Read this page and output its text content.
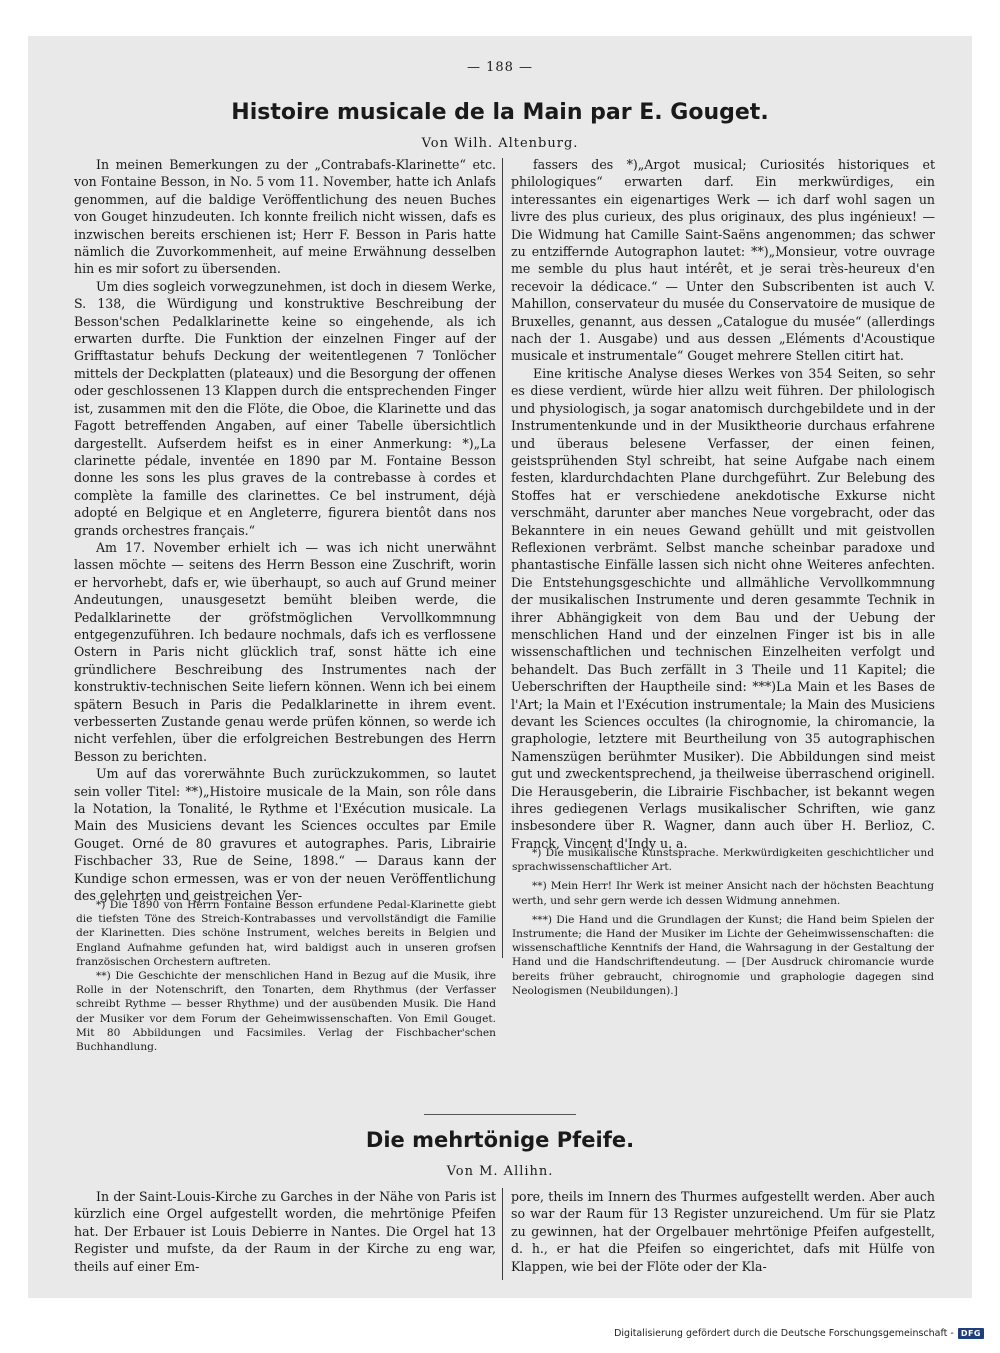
— 188 —
Histoire musicale de la Main par E. Gouget.
Von Wilh. Altenburg.

In meinen Bemerkungen zu der „Contrabafs-Klarinette“ etc. von Fontaine Besson, in No. 5 vom 11. November, hatte ich Anlafs genommen, auf die baldige Veröffentlichung des neuen Buches von Gouget hinzudeuten. Ich konnte freilich nicht wissen, dafs es inzwischen bereits erschienen ist; Herr F. Besson in Paris hatte nämlich die Zuvorkommenheit, auf meine Erwähnung desselben hin es mir sofort zu übersenden.

Um dies sogleich vorwegzunehmen, ist doch in diesem Werke, S. 138, die Würdigung und konstruktive Beschreibung der Besson'schen Pedalklarinette keine so eingehende, als ich erwarten durfte. Die Funktion der einzelnen Finger auf der Grifftastatur behufs Deckung der weitentlegenen 7 Tonlöcher mittels der Deckplatten (plateaux) und die Besorgung der offenen oder geschlossenen 13 Klappen durch die entsprechenden Finger ist, zusammen mit den die Flöte, die Oboe, die Klarinette und das Fagott betreffenden Angaben, auf einer Tabelle übersichtlich dargestellt. Aufserdem heifst es in einer Anmerkung: *)„La clarinette pédale, inventée en 1890 par M. Fontaine Besson donne les sons les plus graves de la contrebasse à cordes et complète la famille des clarinettes. Ce bel instrument, déjà adopté en Belgique et en Angleterre, figurera bientôt dans nos grands orchestres français.“

Am 17. November erhielt ich — was ich nicht unerwähnt lassen möchte — seitens des Herrn Besson eine Zuschrift, worin er hervorhebt, dafs er, wie überhaupt, so auch auf Grund meiner Andeutungen, unausgesetzt bemüht bleiben werde, die Pedalklarinette der gröfstmöglichen Vervollkommnung entgegenzuführen. Ich bedaure nochmals, dafs ich es verflossene Ostern in Paris nicht glücklich traf, sonst hätte ich eine gründlichere Beschreibung des Instrumentes nach der konstruktiv-technischen Seite liefern können. Wenn ich bei einem spätern Besuch in Paris die Pedalklarinette in ihrem event. verbesserten Zustande genau werde prüfen können, so werde ich nicht verfehlen, über die erfolgreichen Bestrebungen des Herrn Besson zu berichten.

Um auf das vorerwähnte Buch zurückzukommen, so lautet sein voller Titel: **)„Histoire musicale de la Main, son rôle dans la Notation, la Tonalité, le Rythme et l'Exécution musicale. La Main des Musiciens devant les Sciences occultes par Emile Gouget. Orné de 80 gravures et autographes. Paris, Librairie Fischbacher 33, Rue de Seine, 1898.“ — Daraus kann der Kundige schon ermessen, was er von der neuen Veröffentlichung des gelehrten und geistreichen Ver-

fassers des *)„Argot musical; Curiosités historiques et philologiques“ erwarten darf. Ein merkwürdiges, ein interessantes ein eigenartiges Werk — ich darf wohl sagen un livre des plus curieux, des plus originaux, des plus ingénieux! — Die Widmung hat Camille Saint-Saëns angenommen; das schwer zu entziffernde Autographon lautet: **)„Monsieur, votre ouvrage me semble du plus haut intérêt, et je serai très-heureux d'en recevoir la dédicace.“ — Unter den Subscribenten ist auch V. Mahillon, conservateur du musée du Conservatoire de musique de Bruxelles, genannt, aus dessen „Catalogue du musée“ (allerdings nach der 1. Ausgabe) und aus dessen „Eléments d'Acoustique musicale et instrumentale“ Gouget mehrere Stellen citirt hat.

Eine kritische Analyse dieses Werkes von 354 Seiten, so sehr es diese verdient, würde hier allzu weit führen. Der philologisch und physiologisch, ja sogar anatomisch durchgebildete und in der Instrumentenkunde und in der Musiktheorie durchaus erfahrene und überaus belesene Verfasser, der einen feinen, geistsprühenden Styl schreibt, hat seine Aufgabe nach einem festen, klardurchdachten Plane durchgeführt. Zur Belebung des Stoffes hat er verschiedene anekdotische Exkurse nicht verschmäht, darunter aber manches Neue vorgebracht, oder das Bekanntere in ein neues Gewand gehüllt und mit geistvollen Reflexionen verbrämt. Selbst manche scheinbar paradoxe und phantastische Einfälle lassen sich nicht ohne Weiteres anfechten. Die Entstehungsgeschichte und allmähliche Vervollkommnung der musikalischen Instrumente und deren gesammte Technik in ihrer Abhängigkeit von dem Bau und der Uebung der menschlichen Hand und der einzelnen Finger ist bis in alle wissenschaftlichen und technischen Einzelheiten verfolgt und behandelt. Das Buch zerfällt in 3 Theile und 11 Kapitel; die Ueberschriften der Hauptheile sind: ***)La Main et les Bases de l'Art; la Main et l'Exécution instrumentale; la Main des Musiciens devant les Sciences occultes (la chirognomie, la chiromancie, la graphologie, letztere mit Beurtheilung von 35 autographischen Namenszügen berühmter Musiker). Die Abbildungen sind meist gut und zweckentsprechend, ja theilweise überraschend originell. Die Herausgeberin, die Librairie Fischbacher, ist bekannt wegen ihres gediegenen Verlags musikalischer Schriften, wie ganz insbesondere über R. Wagner, dann auch über H. Berlioz, C. Franck, Vincent d'Indy u. a.

*) Die 1890 von Herrn Fontaine Besson erfundene Pedal-Klarinette giebt die tiefsten Töne des Streich-Kontrabasses und vervollständigt die Familie der Klarinetten. Dies schöne Instrument, welches bereits in Belgien und England Aufnahme gefunden hat, wird baldigst auch in unseren grofsen französischen Orchestern auftreten.

**) Die Geschichte der menschlichen Hand in Bezug auf die Musik, ihre Rolle in der Notenschrift, den Tonarten, dem Rhythmus (der Verfasser schreibt Rythme — besser Rhythme) und der ausübenden Musik. Die Hand der Musiker vor dem Forum der Geheimwissenschaften. Von Emil Gouget. Mit 80 Abbildungen und Facsimiles. Verlag der Fischbacher'schen Buchhandlung.

*) Die musikalische Kunstsprache. Merkwürdigkeiten geschichtlicher und sprachwissenschaftlicher Art.

**) Mein Herr! Ihr Werk ist meiner Ansicht nach der höchsten Beachtung werth, und sehr gern werde ich dessen Widmung annehmen.

***) Die Hand und die Grundlagen der Kunst; die Hand beim Spielen der Instrumente; die Hand der Musiker im Lichte der Geheimwissenschaften: die wissenschaftliche Kenntnifs der Hand, die Wahrsagung in der Gestaltung der Hand und die Handschriftendeutung. — [Der Ausdruck chiromancie wurde bereits früher gebraucht, chirognomie und graphologie dagegen sind Neologismen (Neubildungen).]

Die mehrtönige Pfeife.
Von M. Allihn.

In der Saint-Louis-Kirche zu Garches in der Nähe von Paris ist kürzlich eine Orgel aufgestellt worden, die mehrtönige Pfeifen hat. Der Erbauer ist Louis Debierre in Nantes. Die Orgel hat 13 Register und mufste, da der Raum in der Kirche zu eng war, theils auf einer Em-

pore, theils im Innern des Thurmes aufgestellt werden. Aber auch so war der Raum für 13 Register unzureichend. Um für sie Platz zu gewinnen, hat der Orgelbauer mehrtönige Pfeifen aufgestellt, d. h., er hat die Pfeifen so eingerichtet, dafs mit Hülfe von Klappen, wie bei der Flöte oder der Kla-

Digitalisierung gefördert durch die Deutsche Forschungsgemeinschaft - DFG
